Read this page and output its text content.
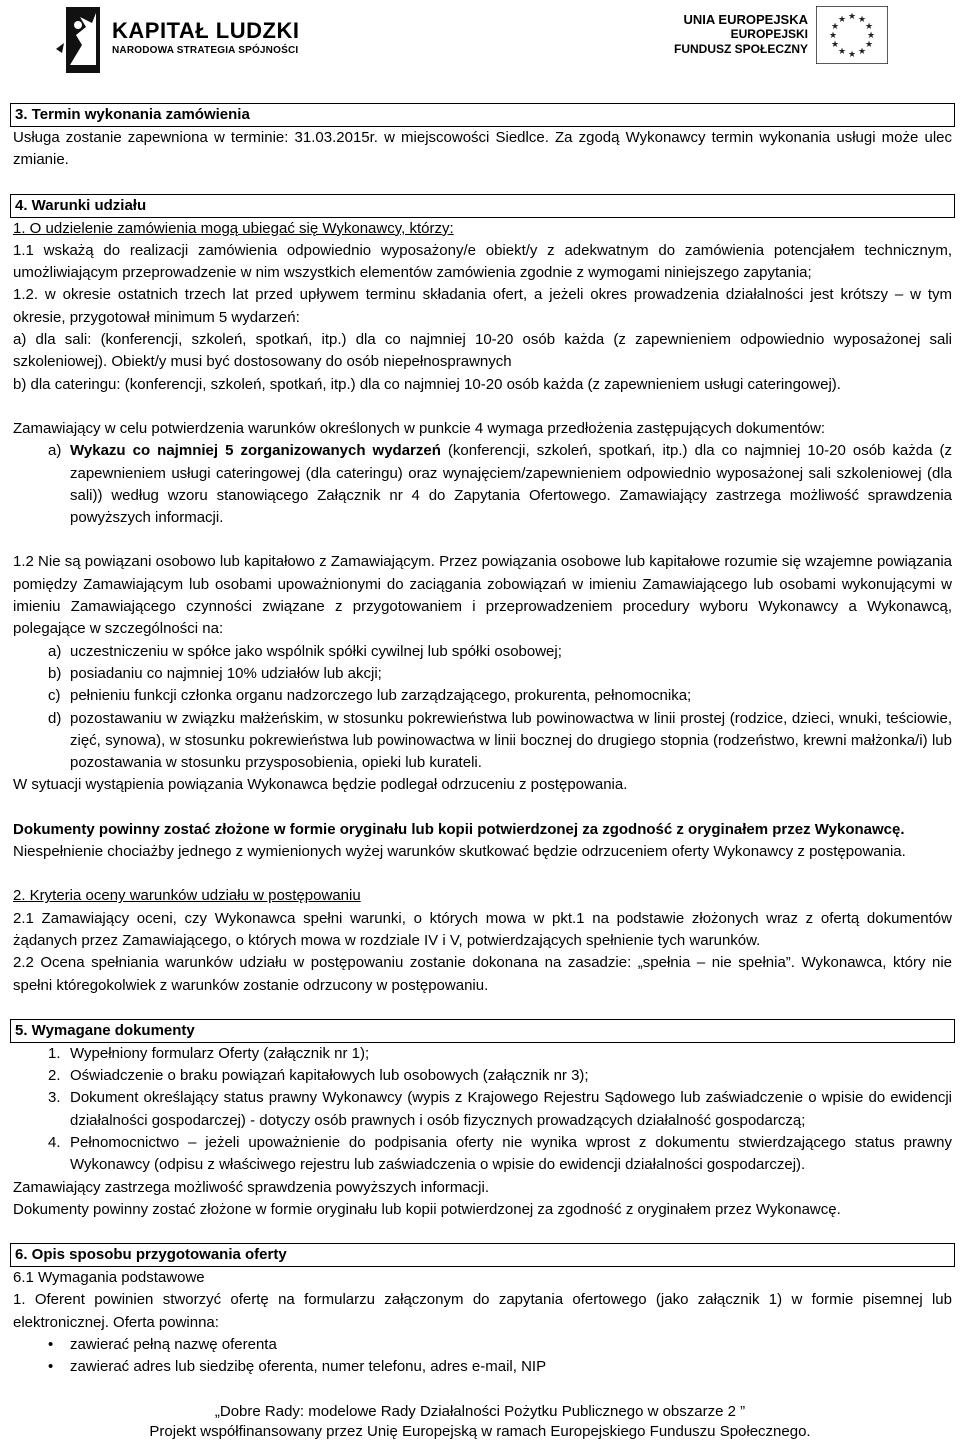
KAPITAŁ LUDZKI
NARODOWA STRATEGIA SPÓJNOŚCI
UNIA EUROPEJSKA
EUROPEJSKI
FUNDUSZ SPOŁECZNY
★ ★
★
★
★
★
★
★
★
★
★
★
3. Termin wykonania zamówienia

Usługa zostanie zapewniona w terminie: 31.03.2015r. w miejscowości Siedlce. Za zgodą Wykonawcy termin wykonania usługi może ulec zmianie.

4. Warunki udziału

1. O udzielenie zamówienia mogą ubiegać się Wykonawcy, którzy:

1.1 wskażą do realizacji zamówienia odpowiednio wyposażony/e obiekt/y z adekwatnym do zamówienia potencjałem technicznym, umożliwiającym przeprowadzenie w nim wszystkich elementów zamówienia zgodnie z wymogami niniejszego zapytania;

1.2. w okresie ostatnich trzech lat przed upływem terminu składania ofert, a jeżeli okres prowadzenia działalności jest krótszy – w tym okresie, przygotował minimum 5 wydarzeń:

a) dla sali: (konferencji, szkoleń, spotkań, itp.) dla co najmniej 10-20 osób każda (z zapewnieniem odpowiednio wyposażonej sali szkoleniowej). Obiekt/y musi być dostosowany do osób niepełnosprawnych

b) dla cateringu: (konferencji, szkoleń, spotkań, itp.) dla co najmniej 10-20 osób każda (z zapewnieniem usługi cateringowej).

Zamawiający w celu potwierdzenia warunków określonych w punkcie 4 wymaga przedłożenia zastępujących dokumentów:

a) Wykazu co najmniej 5 zorganizowanych wydarzeń (konferencji, szkoleń, spotkań, itp.) dla co najmniej 10-20 osób każda (z zapewnieniem usługi cateringowej (dla cateringu) oraz wynajęciem/zapewnieniem odpowiednio wyposażonej sali szkoleniowej (dla sali)) według wzoru stanowiącego Załącznik nr 4 do Zapytania Ofertowego. Zamawiający zastrzega możliwość sprawdzenia powyższych informacji.

1.2 Nie są powiązani osobowo lub kapitałowo z Zamawiającym. Przez powiązania osobowe lub kapitałowe rozumie się wzajemne powiązania pomiędzy Zamawiającym lub osobami upoważnionymi do zaciągania zobowiązań w imieniu Zamawiającego lub osobami wykonującymi w imieniu Zamawiającego czynności związane z przygotowaniem i przeprowadzeniem procedury wyboru Wykonawcy a Wykonawcą, polegające w szczególności na:

a) uczestniczeniu w spółce jako wspólnik spółki cywilnej lub spółki osobowej;
b) posiadaniu co najmniej 10% udziałów lub akcji;
c) pełnieniu funkcji członka organu nadzorczego lub zarządzającego, prokurenta, pełnomocnika;
d) pozostawaniu w związku małżeńskim, w stosunku pokrewieństwa lub powinowactwa w linii prostej (rodzice, dzieci, wnuki, teściowie, zięć, synowa), w stosunku pokrewieństwa lub powinowactwa w linii bocznej do drugiego stopnia (rodzeństwo, krewni małżonka/i) lub pozostawania w stosunku przysposobienia, opieki lub kurateli.

W sytuacji wystąpienia powiązania Wykonawca będzie podlegał odrzuceniu z postępowania.

Dokumenty powinny zostać złożone w formie oryginału lub kopii potwierdzonej za zgodność z oryginałem przez Wykonawcę.

Niespełnienie chociażby jednego z wymienionych wyżej warunków skutkować będzie odrzuceniem oferty Wykonawcy z postępowania.

2. Kryteria oceny warunków udziału w postępowaniu

2.1 Zamawiający oceni, czy Wykonawca spełni warunki, o których mowa w pkt.1 na podstawie złożonych wraz z ofertą dokumentów żądanych przez Zamawiającego, o których mowa w rozdziale IV i V, potwierdzających spełnienie tych warunków.

2.2 Ocena spełniania warunków udziału w postępowaniu zostanie dokonana na zasadzie: „spełnia – nie spełnia”. Wykonawca, który nie spełni któregokolwiek z warunków zostanie odrzucony w postępowaniu.

5. Wymagane dokumenty
1. Wypełniony formularz Oferty (załącznik nr 1);
2. Oświadczenie o braku powiązań kapitałowych lub osobowych (załącznik nr 3);
3. Dokument określający status prawny Wykonawcy (wypis z Krajowego Rejestru Sądowego lub zaświadczenie o wpisie do ewidencji działalności gospodarczej) - dotyczy osób prawnych i osób fizycznych prowadzących działalność gospodarczą;
4. Pełnomocnictwo – jeżeli upoważnienie do podpisania oferty nie wynika wprost z dokumentu stwierdzającego status prawny Wykonawcy (odpisu z właściwego rejestru lub zaświadczenia o wpisie do ewidencji działalności gospodarczej).

Zamawiający zastrzega możliwość sprawdzenia powyższych informacji.

Dokumenty powinny zostać złożone w formie oryginału lub kopii potwierdzonej za zgodność z oryginałem przez Wykonawcę.

6. Opis sposobu przygotowania oferty

6.1 Wymagania podstawowe

1. Oferent powinien stworzyć ofertę na formularzu załączonym do zapytania ofertowego (jako załącznik 1) w formie pisemnej lub elektronicznej. Oferta powinna:

•	zawierać pełną nazwę oferenta
•	zawierać adres lub siedzibę oferenta, numer telefonu, adres e-mail, NIP
„Dobre Rady: modelowe Rady Działalności Pożytku Publicznego w obszarze 2 ”
Projekt współfinansowany przez Unię Europejską w ramach Europejskiego Funduszu Społecznego.
